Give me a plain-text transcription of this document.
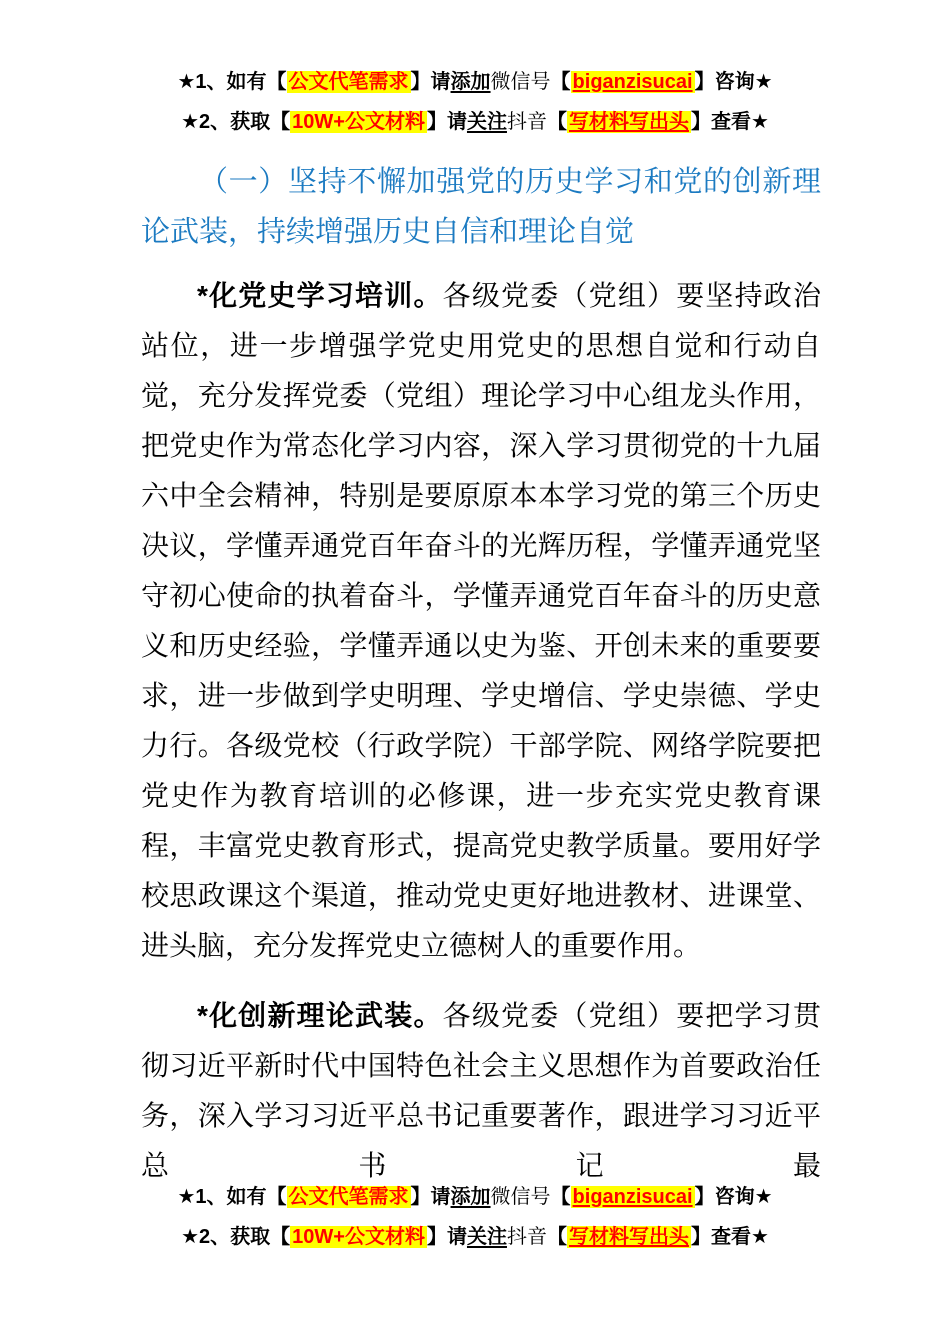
★1、如有【 公文代笔需求 】请添加微信号【 biganzisucai 】咨询★
★2、获取【 10W+公文材料 】请关注抖音【 写材料写出头 】查看★
（一）坚持不懈加强党的历史学习和党的创新理论武装，持续增强历史自信和理论自觉

*化党史学习培训。各级党委（党组）要坚持政治站位，进一步增强学党史用党史的思想自觉和行动自觉，充分发挥党委（党组）理论学习中心组龙头作用，把党史作为常态化学习内容，深入学习贯彻党的十九届六中全会精神，特别是要原原本本学习党的第三个历史决议，学懂弄通党百年奋斗的光辉历程，学懂弄通党坚守初心使命的执着奋斗，学懂弄通党百年奋斗的历史意义和历史经验，学懂弄通以史为鉴、开创未来的重要要求，进一步做到学史明理、学史增信、学史崇德、学史力行。各级党校（行政学院）干部学院、网络学院要把党史作为教育培训的必修课，进一步充实党史教育课程，丰富党史教育形式，提高党史教学质量。要用好学校思政课这个渠道，推动党史更好地进教材、进课堂、进头脑，充分发挥党史立德树人的重要作用。

*化创新理论武装。各级党委（党组）要把学习贯彻习近平新时代中国特色社会主义思想作为首要政治任务，深入学习习近平总书记重要著作，跟进学习习近平总书记最

★1、如有【 公文代笔需求 】请添加微信号【 biganzisucai 】咨询★
★2、获取【 10W+公文材料 】请关注抖音【 写材料写出头 】查看★
